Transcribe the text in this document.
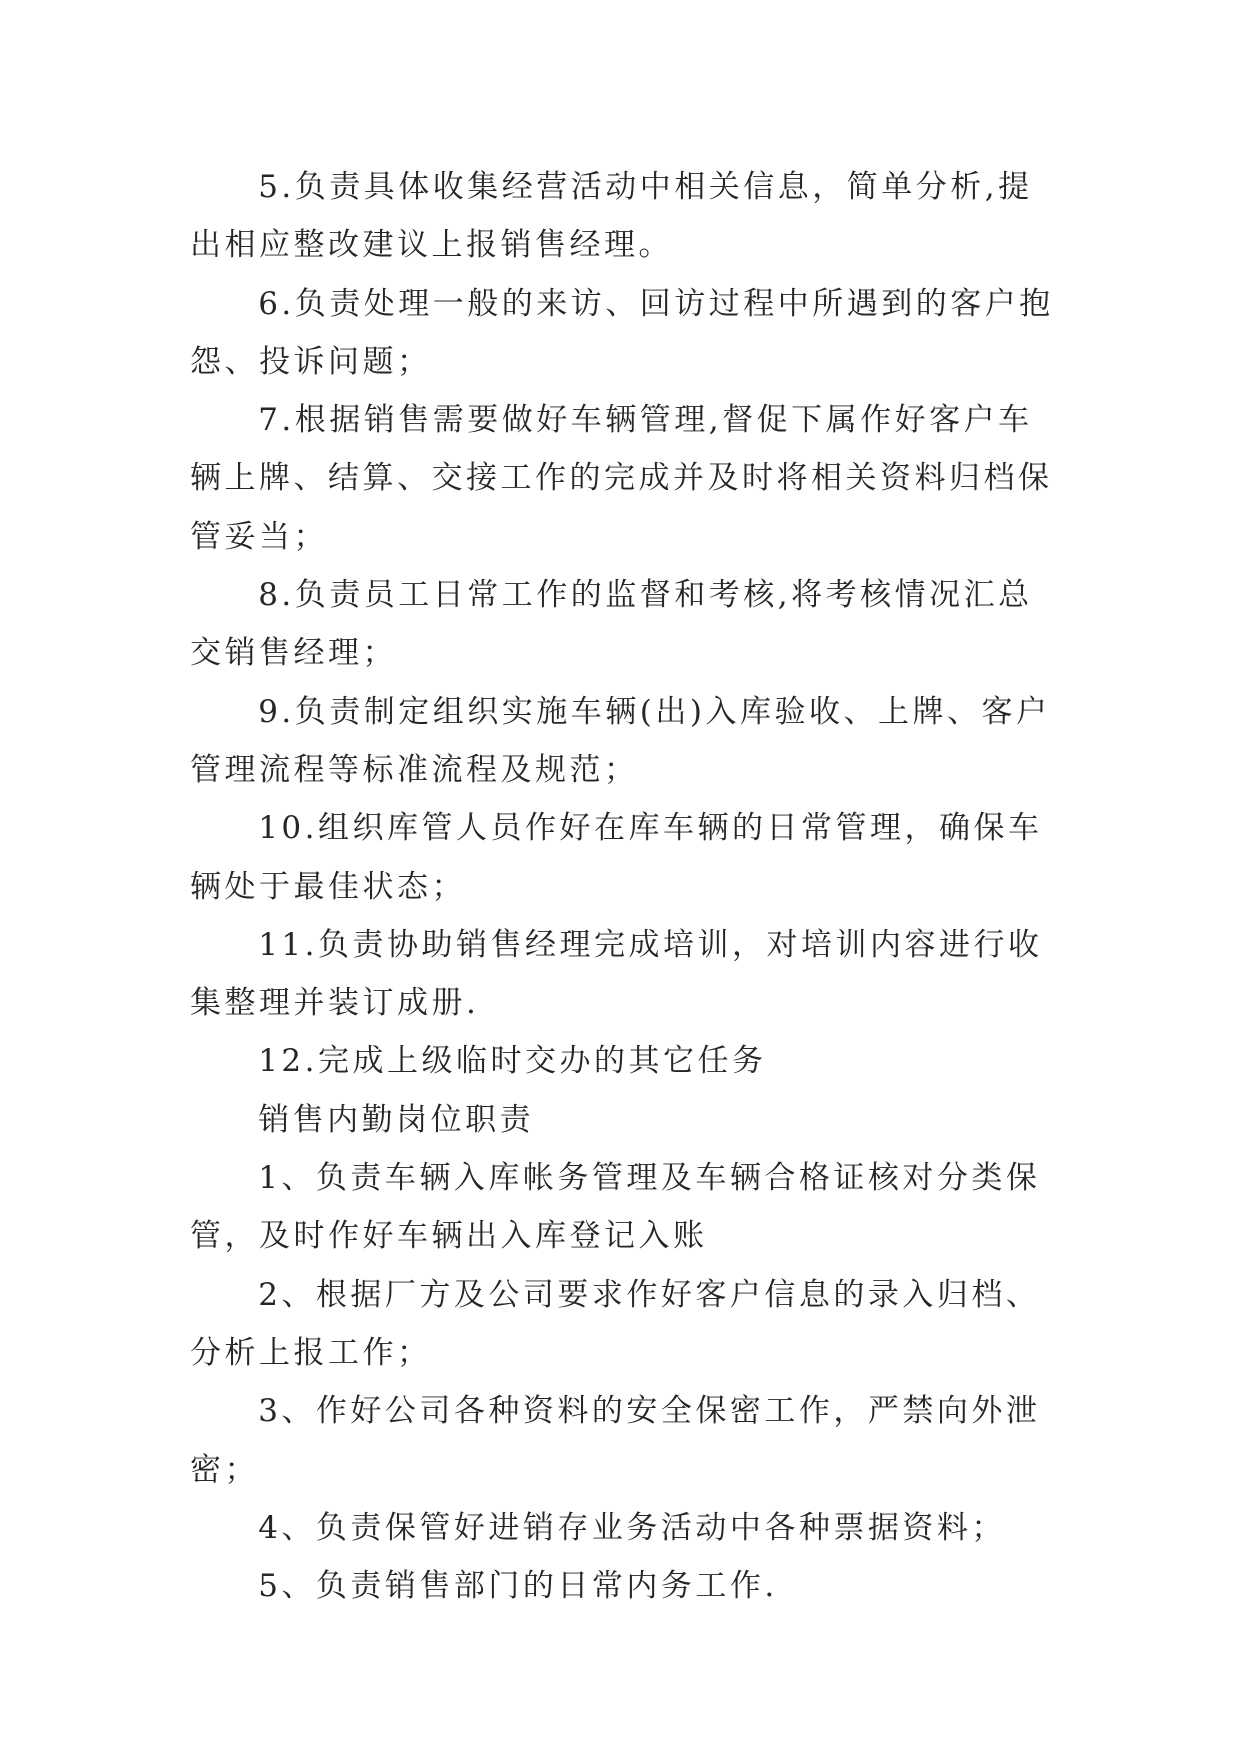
5.负责具体收集经营活动中相关信息，简单分析,提出相应整改建议上报销售经理。

6.负责处理一般的来访、回访过程中所遇到的客户抱怨、投诉问题；

7.根据销售需要做好车辆管理,督促下属作好客户车辆上牌、结算、交接工作的完成并及时将相关资料归档保管妥当；

8.负责员工日常工作的监督和考核,将考核情况汇总交销售经理；

9.负责制定组织实施车辆(出)入库验收、上牌、客户管理流程等标准流程及规范；

10.组织库管人员作好在库车辆的日常管理，确保车辆处于最佳状态；

11.负责协助销售经理完成培训，对培训内容进行收集整理并装订成册.

12.完成上级临时交办的其它任务

销售内勤岗位职责

1、负责车辆入库帐务管理及车辆合格证核对分类保管，及时作好车辆出入库登记入账

2、根据厂方及公司要求作好客户信息的录入归档、分析上报工作；

3、作好公司各种资料的安全保密工作，严禁向外泄密；

4、负责保管好进销存业务活动中各种票据资料；

5、负责销售部门的日常内务工作.
